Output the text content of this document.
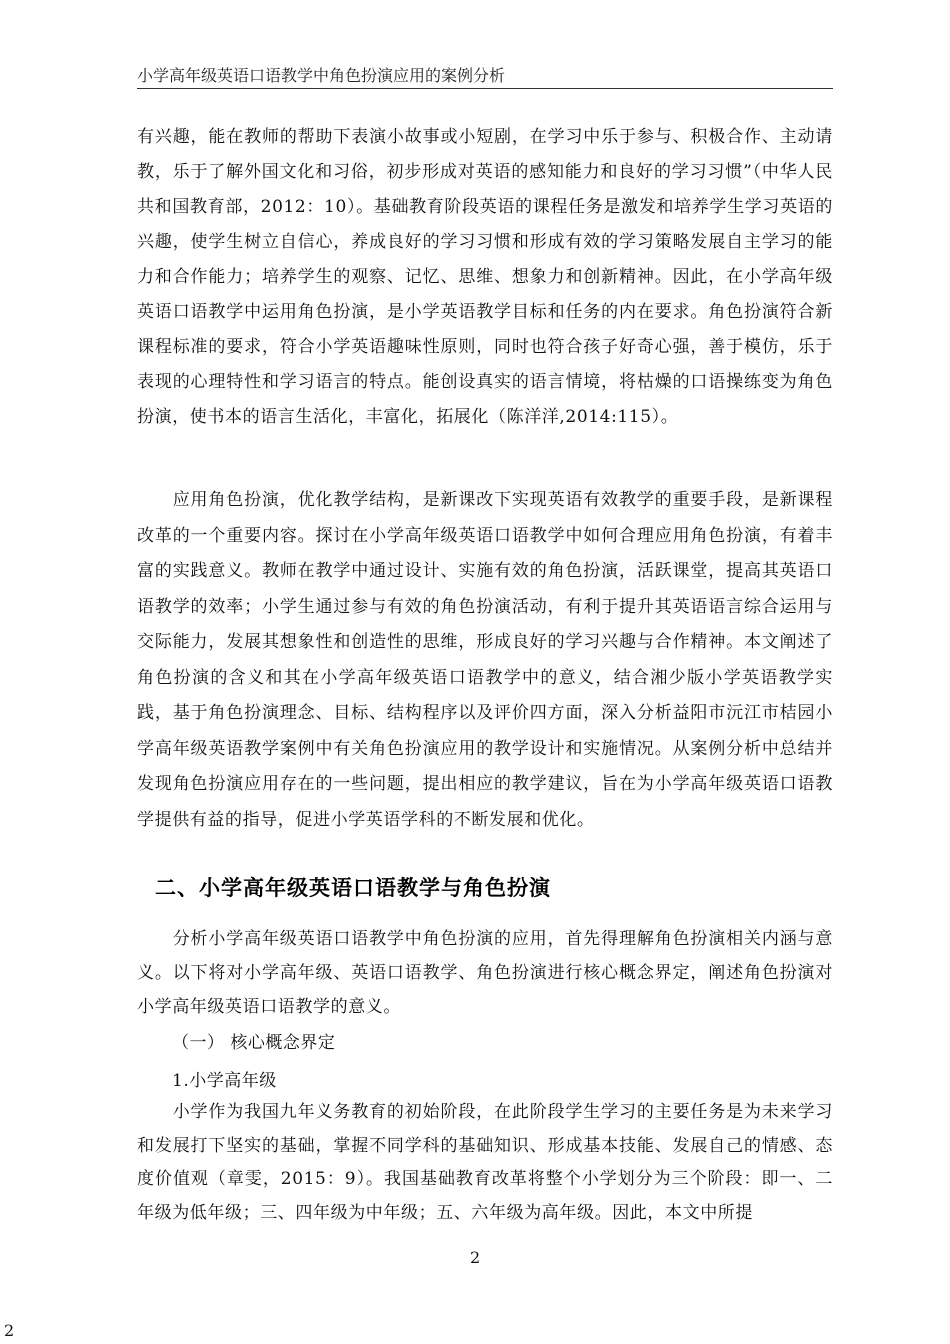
小学高年级英语口语教学中角色扮演应用的案例分析

有兴趣，能在教师的帮助下表演小故事或小短剧，在学习中乐于参与、积极合作、主动请教，乐于了解外国文化和习俗，初步形成对英语的感知能力和良好的学习习惯”（中华人民共和国教育部，2012：10）。基础教育阶段英语的课程任务是激发和培养学生学习英语的兴趣，使学生树立自信心，养成良好的学习习惯和形成有效的学习策略发展自主学习的能力和合作能力；培养学生的观察、记忆、思维、想象力和创新精神。因此，在小学高年级英语口语教学中运用角色扮演，是小学英语教学目标和任务的内在要求。角色扮演符合新课程标准的要求，符合小学英语趣味性原则，同时也符合孩子好奇心强，善于模仿，乐于表现的心理特性和学习语言的特点。能创设真实的语言情境，将枯燥的口语操练变为角色扮演，使书本的语言生活化，丰富化，拓展化（陈洋洋,2014:115）。

应用角色扮演，优化教学结构，是新课改下实现英语有效教学的重要手段，是新课程改革的一个重要内容。探讨在小学高年级英语口语教学中如何合理应用角色扮演，有着丰富的实践意义。教师在教学中通过设计、实施有效的角色扮演，活跃课堂，提高其英语口语教学的效率；小学生通过参与有效的角色扮演活动，有利于提升其英语语言综合运用与交际能力，发展其想象性和创造性的思维，形成良好的学习兴趣与合作精神。本文阐述了角色扮演的含义和其在小学高年级英语口语教学中的意义，结合湘少版小学英语教学实践，基于角色扮演理念、目标、结构程序以及评价四方面，深入分析益阳市沅江市桔园小学高年级英语教学案例中有关角色扮演应用的教学设计和实施情况。从案例分析中总结并发现角色扮演应用存在的一些问题，提出相应的教学建议，旨在为小学高年级英语口语教学提供有益的指导，促进小学英语学科的不断发展和优化。

二、小学高年级英语口语教学与角色扮演

分析小学高年级英语口语教学中角色扮演的应用，首先得理解角色扮演相关内涵与意义。以下将对小学高年级、英语口语教学、角色扮演进行核心概念界定，阐述角色扮演对小学高年级英语口语教学的意义。

（一） 核心概念界定

1.小学高年级

小学作为我国九年义务教育的初始阶段，在此阶段学生学习的主要任务是为未来学习和发展打下坚实的基础，掌握不同学科的基础知识、形成基本技能、发展自己的情感、态度价值观（章雯，2015：9）。我国基础教育改革将整个小学划分为三个阶段：即一、二年级为低年级；三、四年级为中年级；五、六年级为高年级。因此，本文中所提

2
2
